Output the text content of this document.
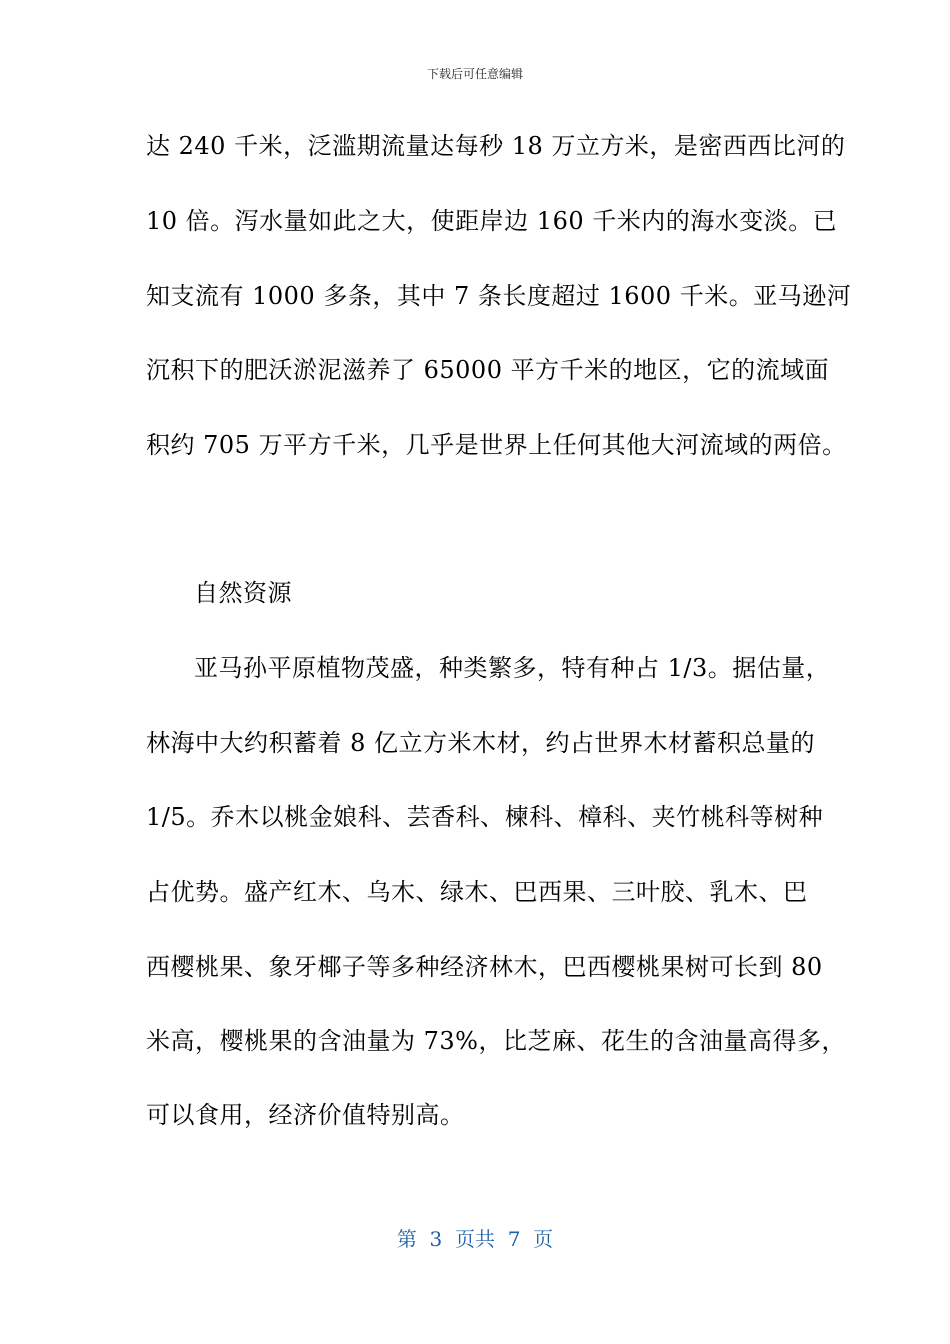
下载后可任意编辑
达 240 千米，泛滥期流量达每秒 18 万立方米，是密西西比河的
10 倍。泻水量如此之大，使距岸边 160 千米内的海水变淡。已
知支流有 1000 多条，其中 7 条长度超过 1600 千米。亚马逊河
沉积下的肥沃淤泥滋养了 65000 平方千米的地区，它的流域面
积约 705 万平方千米，几乎是世界上任何其他大河流域的两倍。
自然资源
亚马孙平原植物茂盛，种类繁多，特有种占 1/3。据估量，
林海中大约积蓄着 8 亿立方米木材，约占世界木材蓄积总量的
1/5。乔木以桃金娘科、芸香科、楝科、樟科、夹竹桃科等树种
占优势。盛产红木、乌木、绿木、巴西果、三叶胶、乳木、巴
西樱桃果、象牙椰子等多种经济林木，巴西樱桃果树可长到 80
米高，樱桃果的含油量为 73%，比芝麻、花生的含油量高得多，
可以食用，经济价值特别高。
第  3  页共  7  页
